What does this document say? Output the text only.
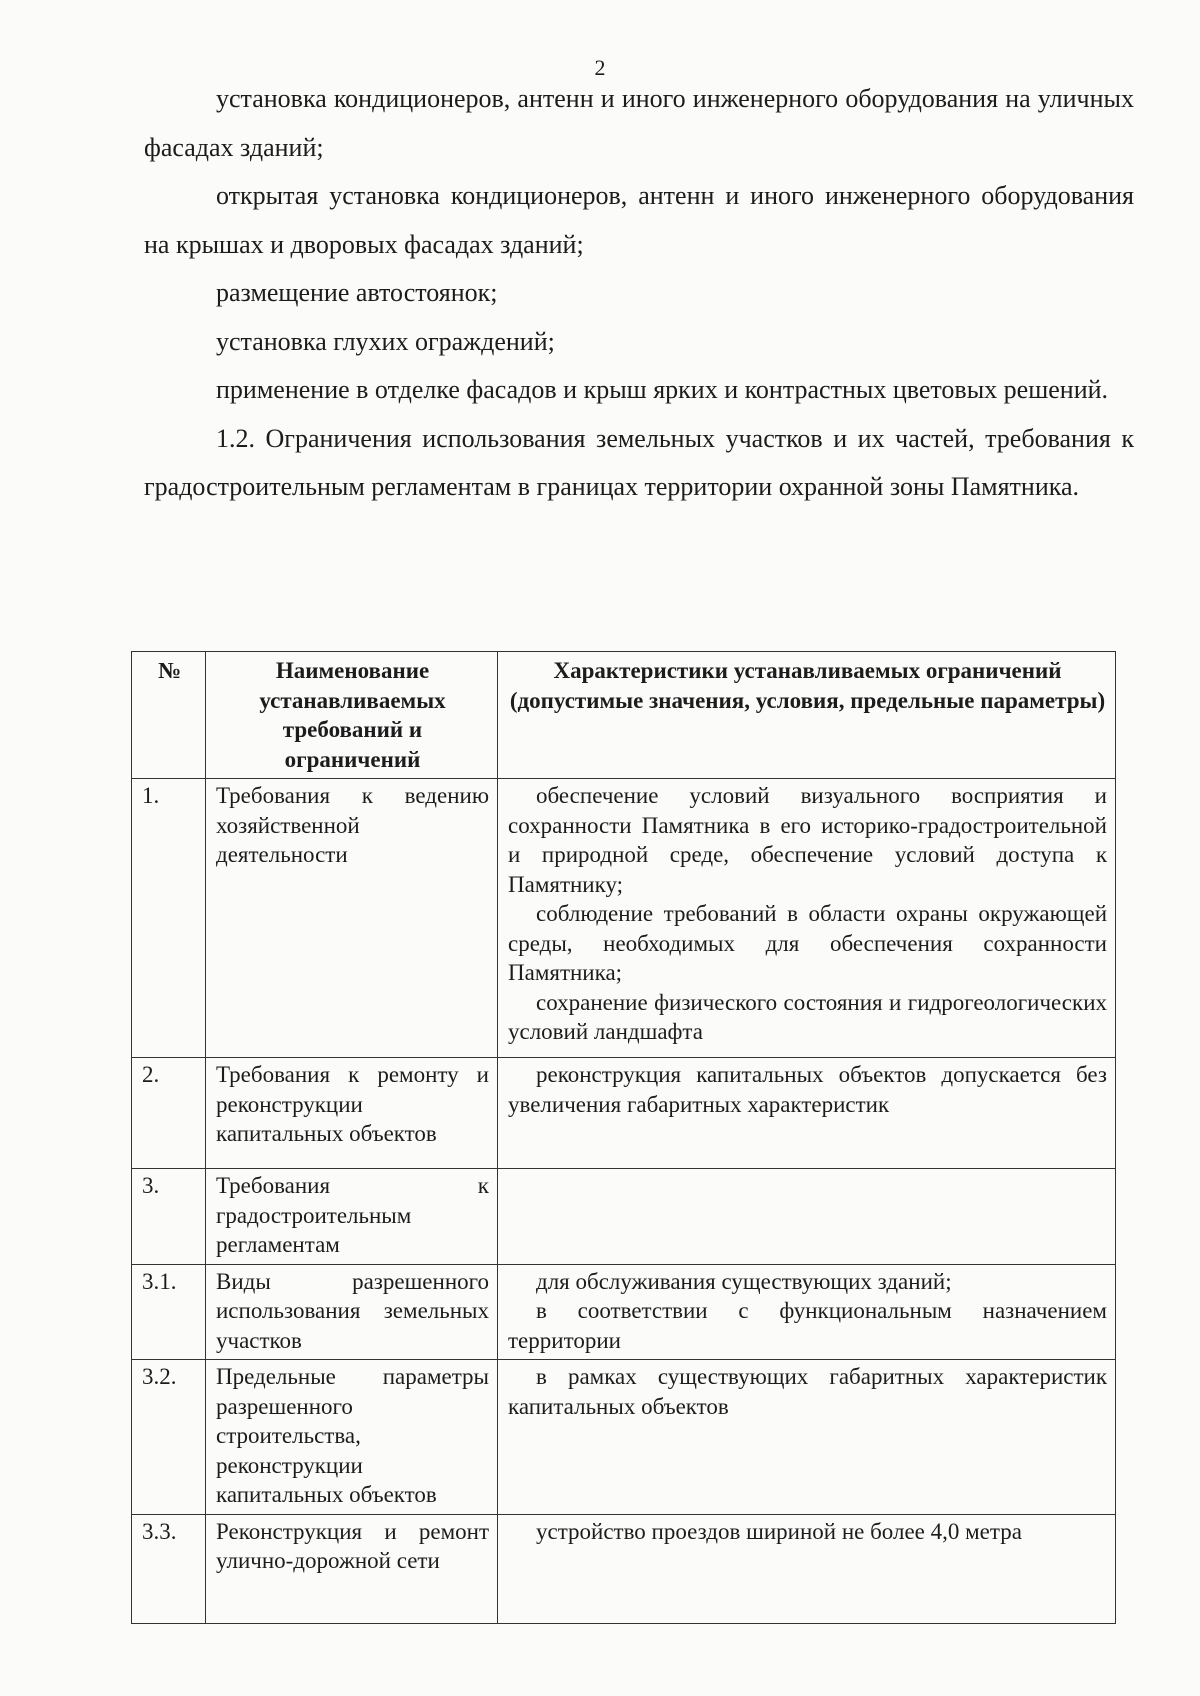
2

установка кондиционеров, антенн и иного инженерного оборудования на уличных фасадах зданий;

открытая установка кондиционеров, антенн и иного инженерного оборудования на крышах и дворовых фасадах зданий;

размещение автостоянок;

установка глухих ограждений;

применение в отделке фасадов и крыш ярких и контрастных цветовых решений.

1.2. Ограничения использования земельных участков и их частей, требования к градостроительным регламентам в границах территории охранной зоны Памятника.

№	Наименование устанавливаемых требований и ограничений	Характеристики устанавливаемых ограничений (допустимые значения, условия, предельные параметры)
1.	Требования к ведению хозяйственной деятельности	обеспечение условий визуального восприятия и сохранности Памятника в его историко-градостроительной и природной среде, обеспечение условий доступа к Памятнику;

соблюдение требований в области охраны окружающей среды, необходимых для обеспечения сохранности Памятника;

сохранение физического состояния и гидрогеологических условий ландшафта

2.	Требования к ремонту и реконструкции капитальных объектов	реконструкция капитальных объектов допускается без увеличения габаритных характеристик

3.	Требования к градостроительным регламентам	
3.1.	Виды разрешенного использования земельных участков	для обслуживания существующих зданий;

в соответствии с функциональным назначением территории

3.2.	Предельные параметры разрешенного строительства, реконструкции капитальных объектов	в рамках существующих габаритных характеристик капитальных объектов

3.3.	Реконструкция и ремонт улично-дорожной сети	устройство проездов шириной не более 4,0 метра
